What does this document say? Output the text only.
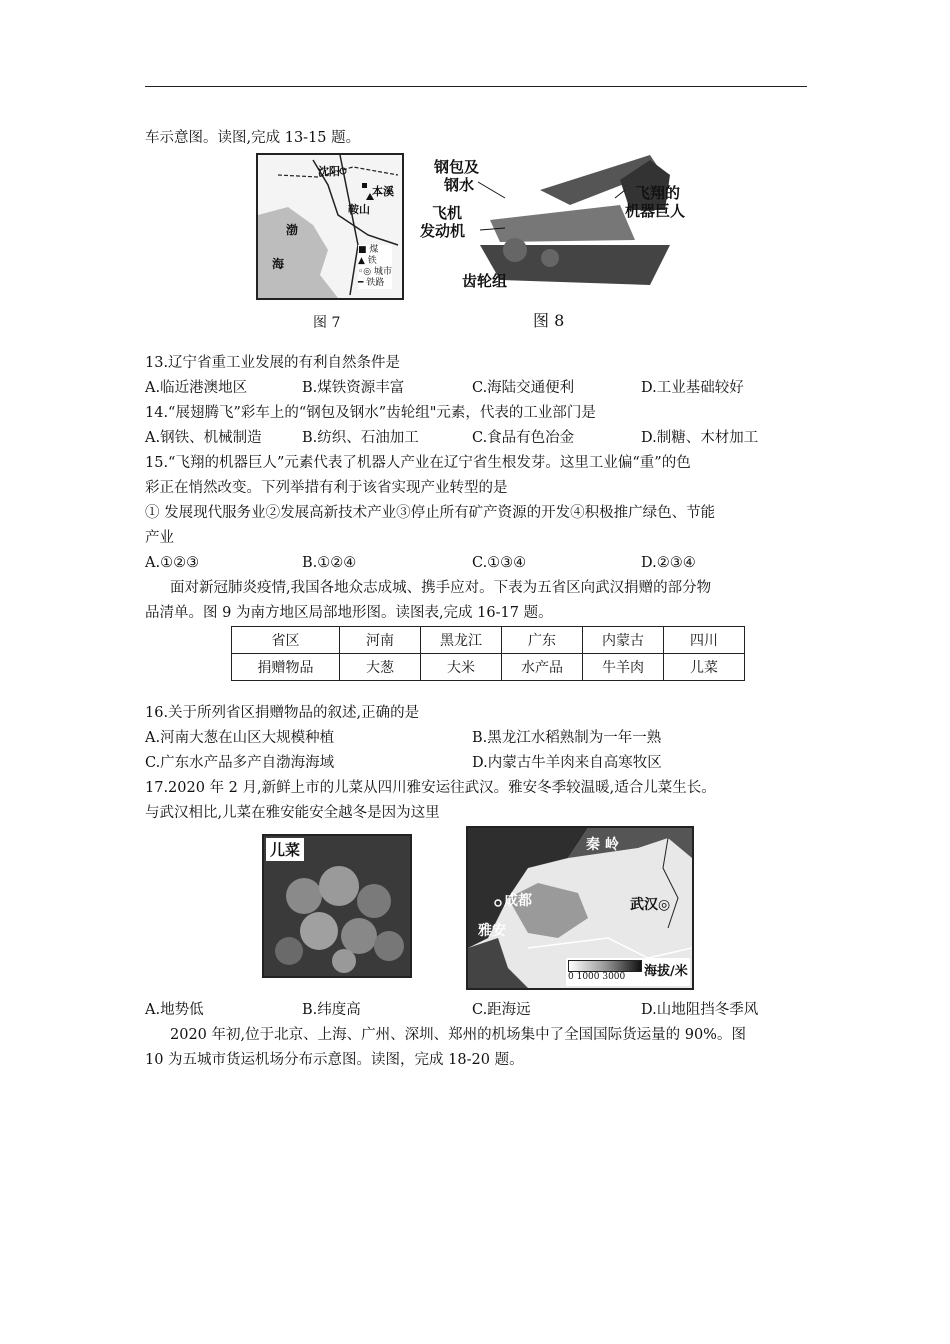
车示意图。读图,完成 13-15 题。
沈阳
本溪
鞍山
渤
海
■ 煤
▲ 铁
◦◎ 城市
━ 铁路
图 7
钢包及
钢水
飞机
发动机
飞翔的
机器巨人
齿轮组
图 8
13.辽宁省重工业发展的有利自然条件是
A.临近港澳地区	B.煤铁资源丰富	C.海陆交通便利	D.工业基础较好
14.“展翅腾飞”彩车上的“钢包及钢水”齿轮组"元素，代表的工业部门是
A.钢铁、机械制造	B.纺织、石油加工	C.食品有色冶金	D.制糖、木材加工
15.“飞翔的机器巨人”元素代表了机器人产业在辽宁省生根发芽。这里工业偏“重”的色
彩正在悄然改变。下列举措有利于该省实现产业转型的是
① 发展现代服务业②发展高新技术产业③停止所有矿产资源的开发④积极推广绿色、节能
产业
A.①②③	B.①②④	C.①③④	D.②③④
面对新冠肺炎疫情,我国各地众志成城、携手应对。下表为五省区向武汉捐赠的部分物
品清单。图 9 为南方地区局部地形图。读图表,完成 16-17 题。
省区	河南	黑龙江	广东	内蒙古	四川
捐赠物品	大葱	大米	水产品	牛羊肉	儿菜
16.关于所列省区捐赠物品的叙述,正确的是
A.河南大葱在山区大规模种植	B.黑龙江水稻熟制为一年一熟
C.广东水产品多产自渤海海域	D.内蒙古牛羊肉来自高寒牧区
17.2020 年 2 月,新鲜上市的儿菜从四川雅安运往武汉。雅安冬季较温暖,适合儿菜生长。
与武汉相比,儿菜在雅安能安全越冬是因为这里
儿菜	秦 岭
成都
雅安
武汉◎
0 1000 3000 海拔/米
A.地势低	B.纬度高	C.距海远	D.山地阻挡冬季风
2020 年初,位于北京、上海、广州、深圳、郑州的机场集中了全国国际货运量的 90%。图
10 为五城市货运机场分布示意图。读图，完成 18-20 题。
